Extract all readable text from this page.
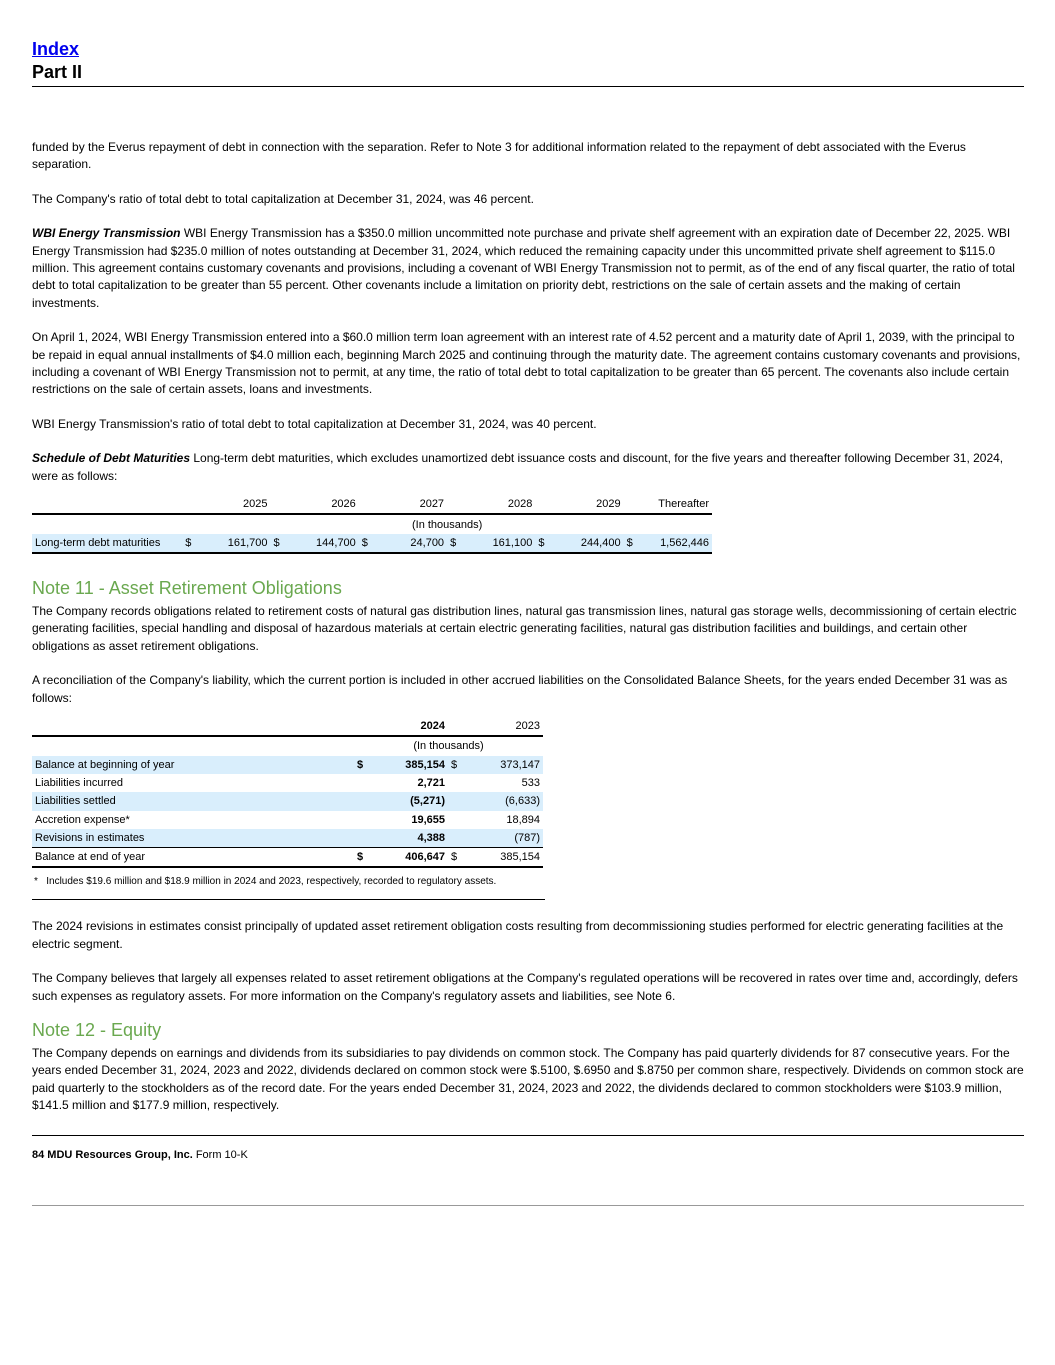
Index
Part II

funded by the Everus repayment of debt in connection with the separation. Refer to Note 3 for additional information related to the repayment of debt associated with the Everus separation.

The Company's ratio of total debt to total capitalization at December 31, 2024, was 46 percent.

WBI Energy Transmission WBI Energy Transmission has a $350.0 million uncommitted note purchase and private shelf agreement with an expiration date of December 22, 2025. WBI Energy Transmission had $235.0 million of notes outstanding at December 31, 2024, which reduced the remaining capacity under this uncommitted private shelf agreement to $115.0 million. This agreement contains customary covenants and provisions, including a covenant of WBI Energy Transmission not to permit, as of the end of any fiscal quarter, the ratio of total debt to total capitalization to be greater than 55 percent. Other covenants include a limitation on priority debt, restrictions on the sale of certain assets and the making of certain investments.

On April 1, 2024, WBI Energy Transmission entered into a $60.0 million term loan agreement with an interest rate of 4.52 percent and a maturity date of April 1, 2039, with the principal to be repaid in equal annual installments of $4.0 million each, beginning March 2025 and continuing through the maturity date. The agreement contains customary covenants and provisions, including a covenant of WBI Energy Transmission not to permit, at any time, the ratio of total debt to total capitalization to be greater than 65 percent. The covenants also include certain restrictions on the sale of certain assets, loans and investments.

WBI Energy Transmission's ratio of total debt to total capitalization at December 31, 2024, was 40 percent.

Schedule of Debt Maturities Long-term debt maturities, which excludes unamortized debt issuance costs and discount, for the five years and thereafter following December 31, 2024, were as follows:

		2025		2026		2027		2028		2029		Thereafter
	(In thousands)											
Long-term debt maturities	$	161,700	$	144,700	$	24,700	$	161,100	$	244,400	$	1,562,446
Note 11 - Asset Retirement Obligations

The Company records obligations related to retirement costs of natural gas distribution lines, natural gas transmission lines, natural gas storage wells, decommissioning of certain electric generating facilities, special handling and disposal of hazardous materials at certain electric generating facilities, natural gas distribution facilities and buildings, and certain other obligations as asset retirement obligations.

A reconciliation of the Company's liability, which the current portion is included in other accrued liabilities on the Consolidated Balance Sheets, for the years ended December 31 was as follows:

		2024		2023
	(In thousands)			
Balance at beginning of year	$	385,154	$	373,147
Liabilities incurred		2,721		533
Liabilities settled		(5,271)		(6,633)
Accretion expense*		19,655		18,894
Revisions in estimates		4,388		(787)
Balance at end of year	$	406,647	$	385,154
* Includes $19.6 million and $18.9 million in 2024 and 2023, respectively, recorded to regulatory assets.

The 2024 revisions in estimates consist principally of updated asset retirement obligation costs resulting from decommissioning studies performed for electric generating facilities at the electric segment.

The Company believes that largely all expenses related to asset retirement obligations at the Company's regulated operations will be recovered in rates over time and, accordingly, defers such expenses as regulatory assets. For more information on the Company's regulatory assets and liabilities, see Note 6.

Note 12 - Equity

The Company depends on earnings and dividends from its subsidiaries to pay dividends on common stock. The Company has paid quarterly dividends for 87 consecutive years. For the years ended December 31, 2024, 2023 and 2022, dividends declared on common stock were $.5100, $.6950 and $.8750 per common share, respectively. Dividends on common stock are paid quarterly to the stockholders as of the record date. For the years ended December 31, 2024, 2023 and 2022, the dividends declared to common stockholders were $103.9 million, $141.5 million and $177.9 million, respectively.

84 MDU Resources Group, Inc. Form 10-K
